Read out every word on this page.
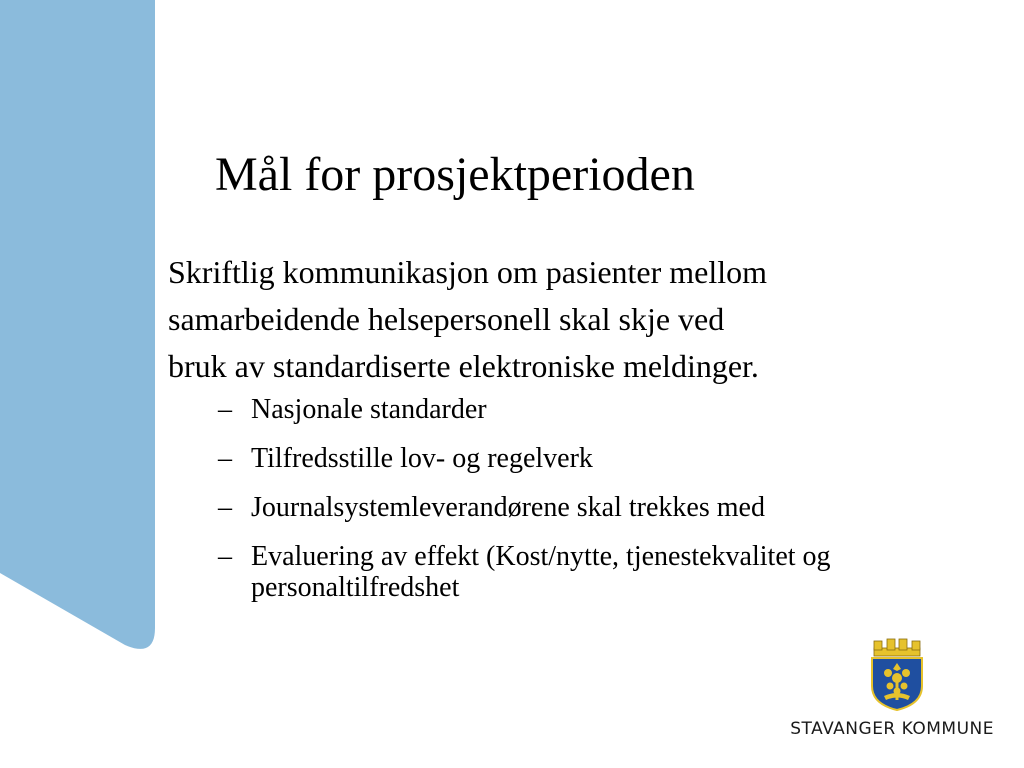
Mål for prosjektperioden

Skriftlig kommunikasjon om pasienter mellom
samarbeidende helsepersonell skal skje ved
bruk av standardiserte elektroniske meldinger.

– Nasjonale standarder
– Tilfredsstille lov- og regelverk
– Journalsystemleverandørene skal trekkes med
– Evaluering av effekt (Kost/nytte, tjenestekvalitet og personaltilfredshet
STAVANGER KOMMUNE
